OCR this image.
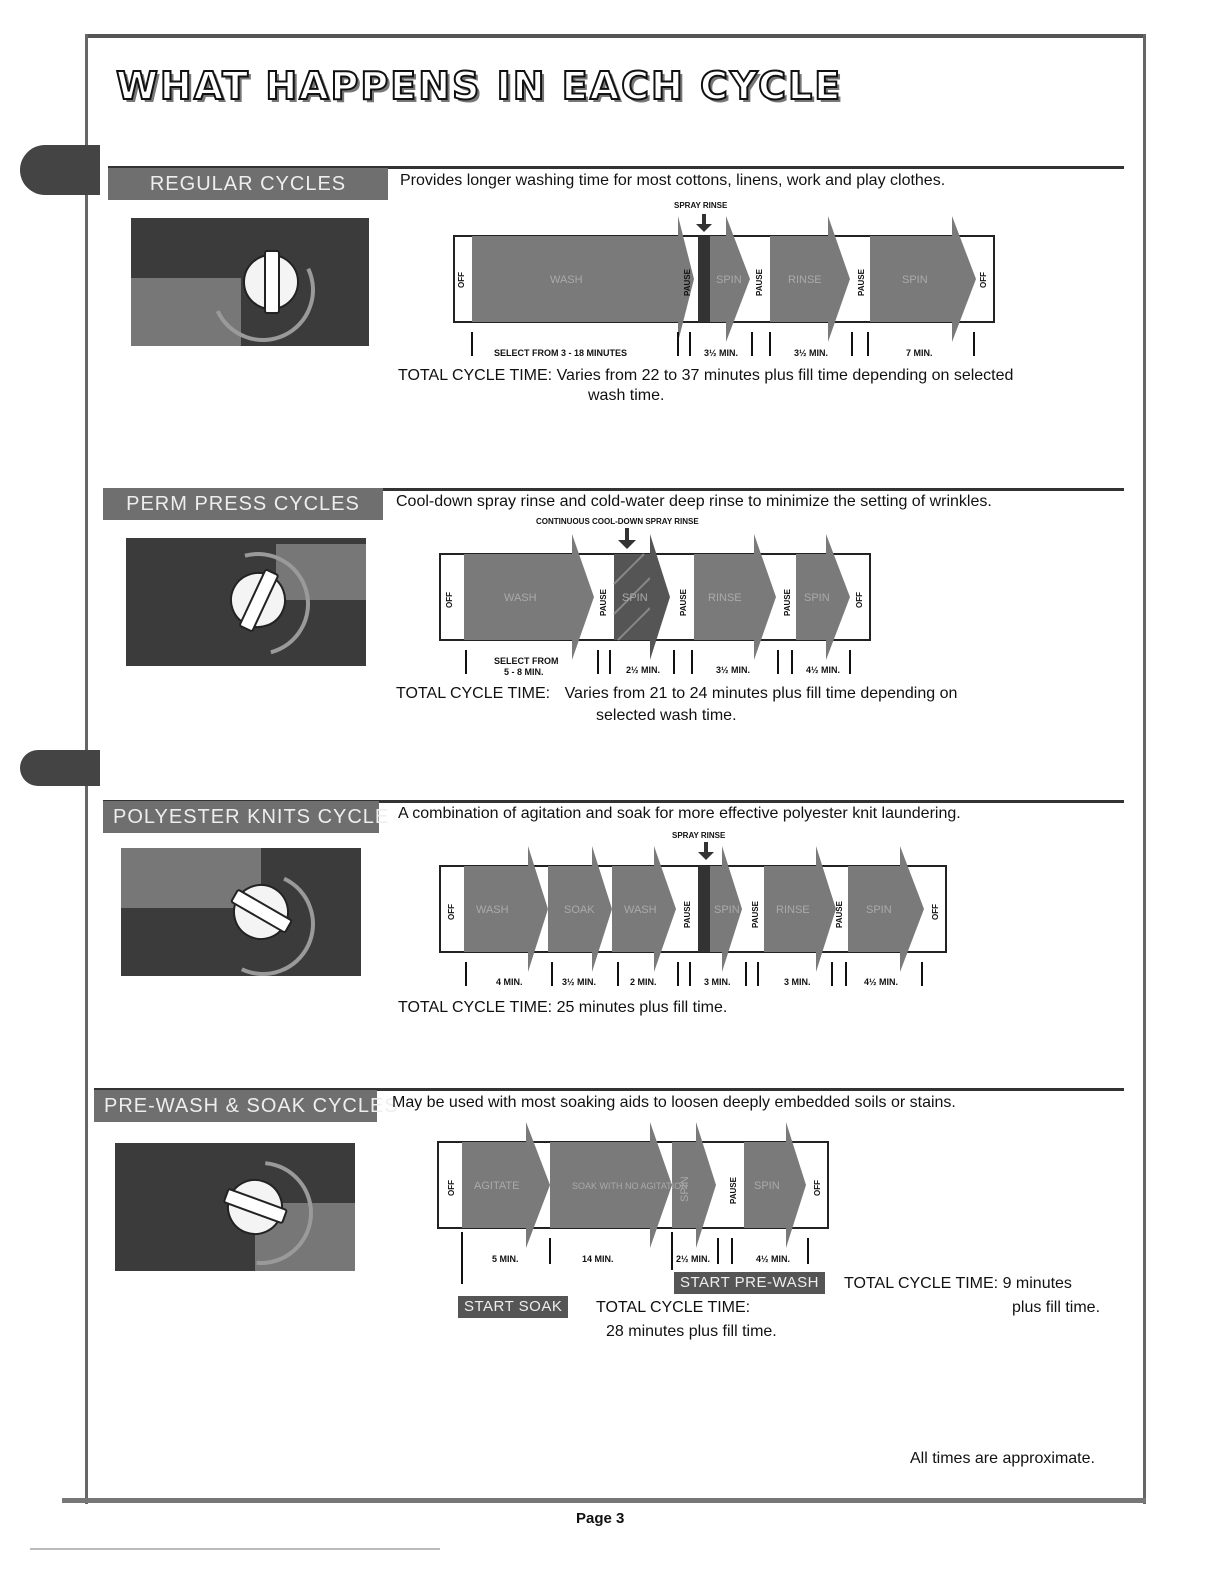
WHAT HAPPENS IN EACH CYCLE
REGULAR CYCLES	Provides longer washing time for most cottons, linens, work and play clothes.
SPRAY RINSE
OFF	WASH	PAUSE SPIN PAUSE RINSE	PAUSE	SPIN	OFF
SELECT FROM 3 - 18 MINUTES	3½ MIN.	3½ MIN.	7 MIN.
TOTAL CYCLE TIME: Varies from 22 to 37 minutes plus fill time depending on selected
wash time.
PERM PRESS CYCLES	Cool-down spray rinse and cold-water deep rinse to minimize the setting of wrinkles.
CONTINUOUS COOL-DOWN SPRAY RINSE
OFF	WASH	PAUSE SPIN	PAUSE RINSE	PAUSE SPIN	OFF
SELECT FROM
5 - 8 MIN.	2½ MIN.	3½ MIN.	4½ MIN.
TOTAL CYCLE TIME: Varies from 21 to 24 minutes plus fill time depending on
selected wash time.
POLYESTER KNITS CYCLE A combination of agitation and soak for more effective polyester knit laundering.
SPRAY RINSE
OFF WASH	SOAK	WASH	PAUSE SPIN PAUSE RINSE	PAUSE SPIN	OFF
4 MIN.	3½ MIN.	2 MIN.	3 MIN.	3 MIN.	4½ MIN.
TOTAL CYCLE TIME: 25 minutes plus fill time.
PRE-WASH & SOAK CYCLES
May be used with most soaking aids to loosen deeply embedded soils or stains.
OFF AGITATE	SOAK WITH NO AGITATION
SPIN	PAUSE SPIN	OFF
5 MIN.	14 MIN.	2½ MIN.	4½ MIN.
START PRE-WASH
START SOAK	TOTAL CYCLE TIME:
28 minutes plus fill time.
TOTAL CYCLE TIME: 9 minutes
plus fill time.
All times are approximate.
Page 3
